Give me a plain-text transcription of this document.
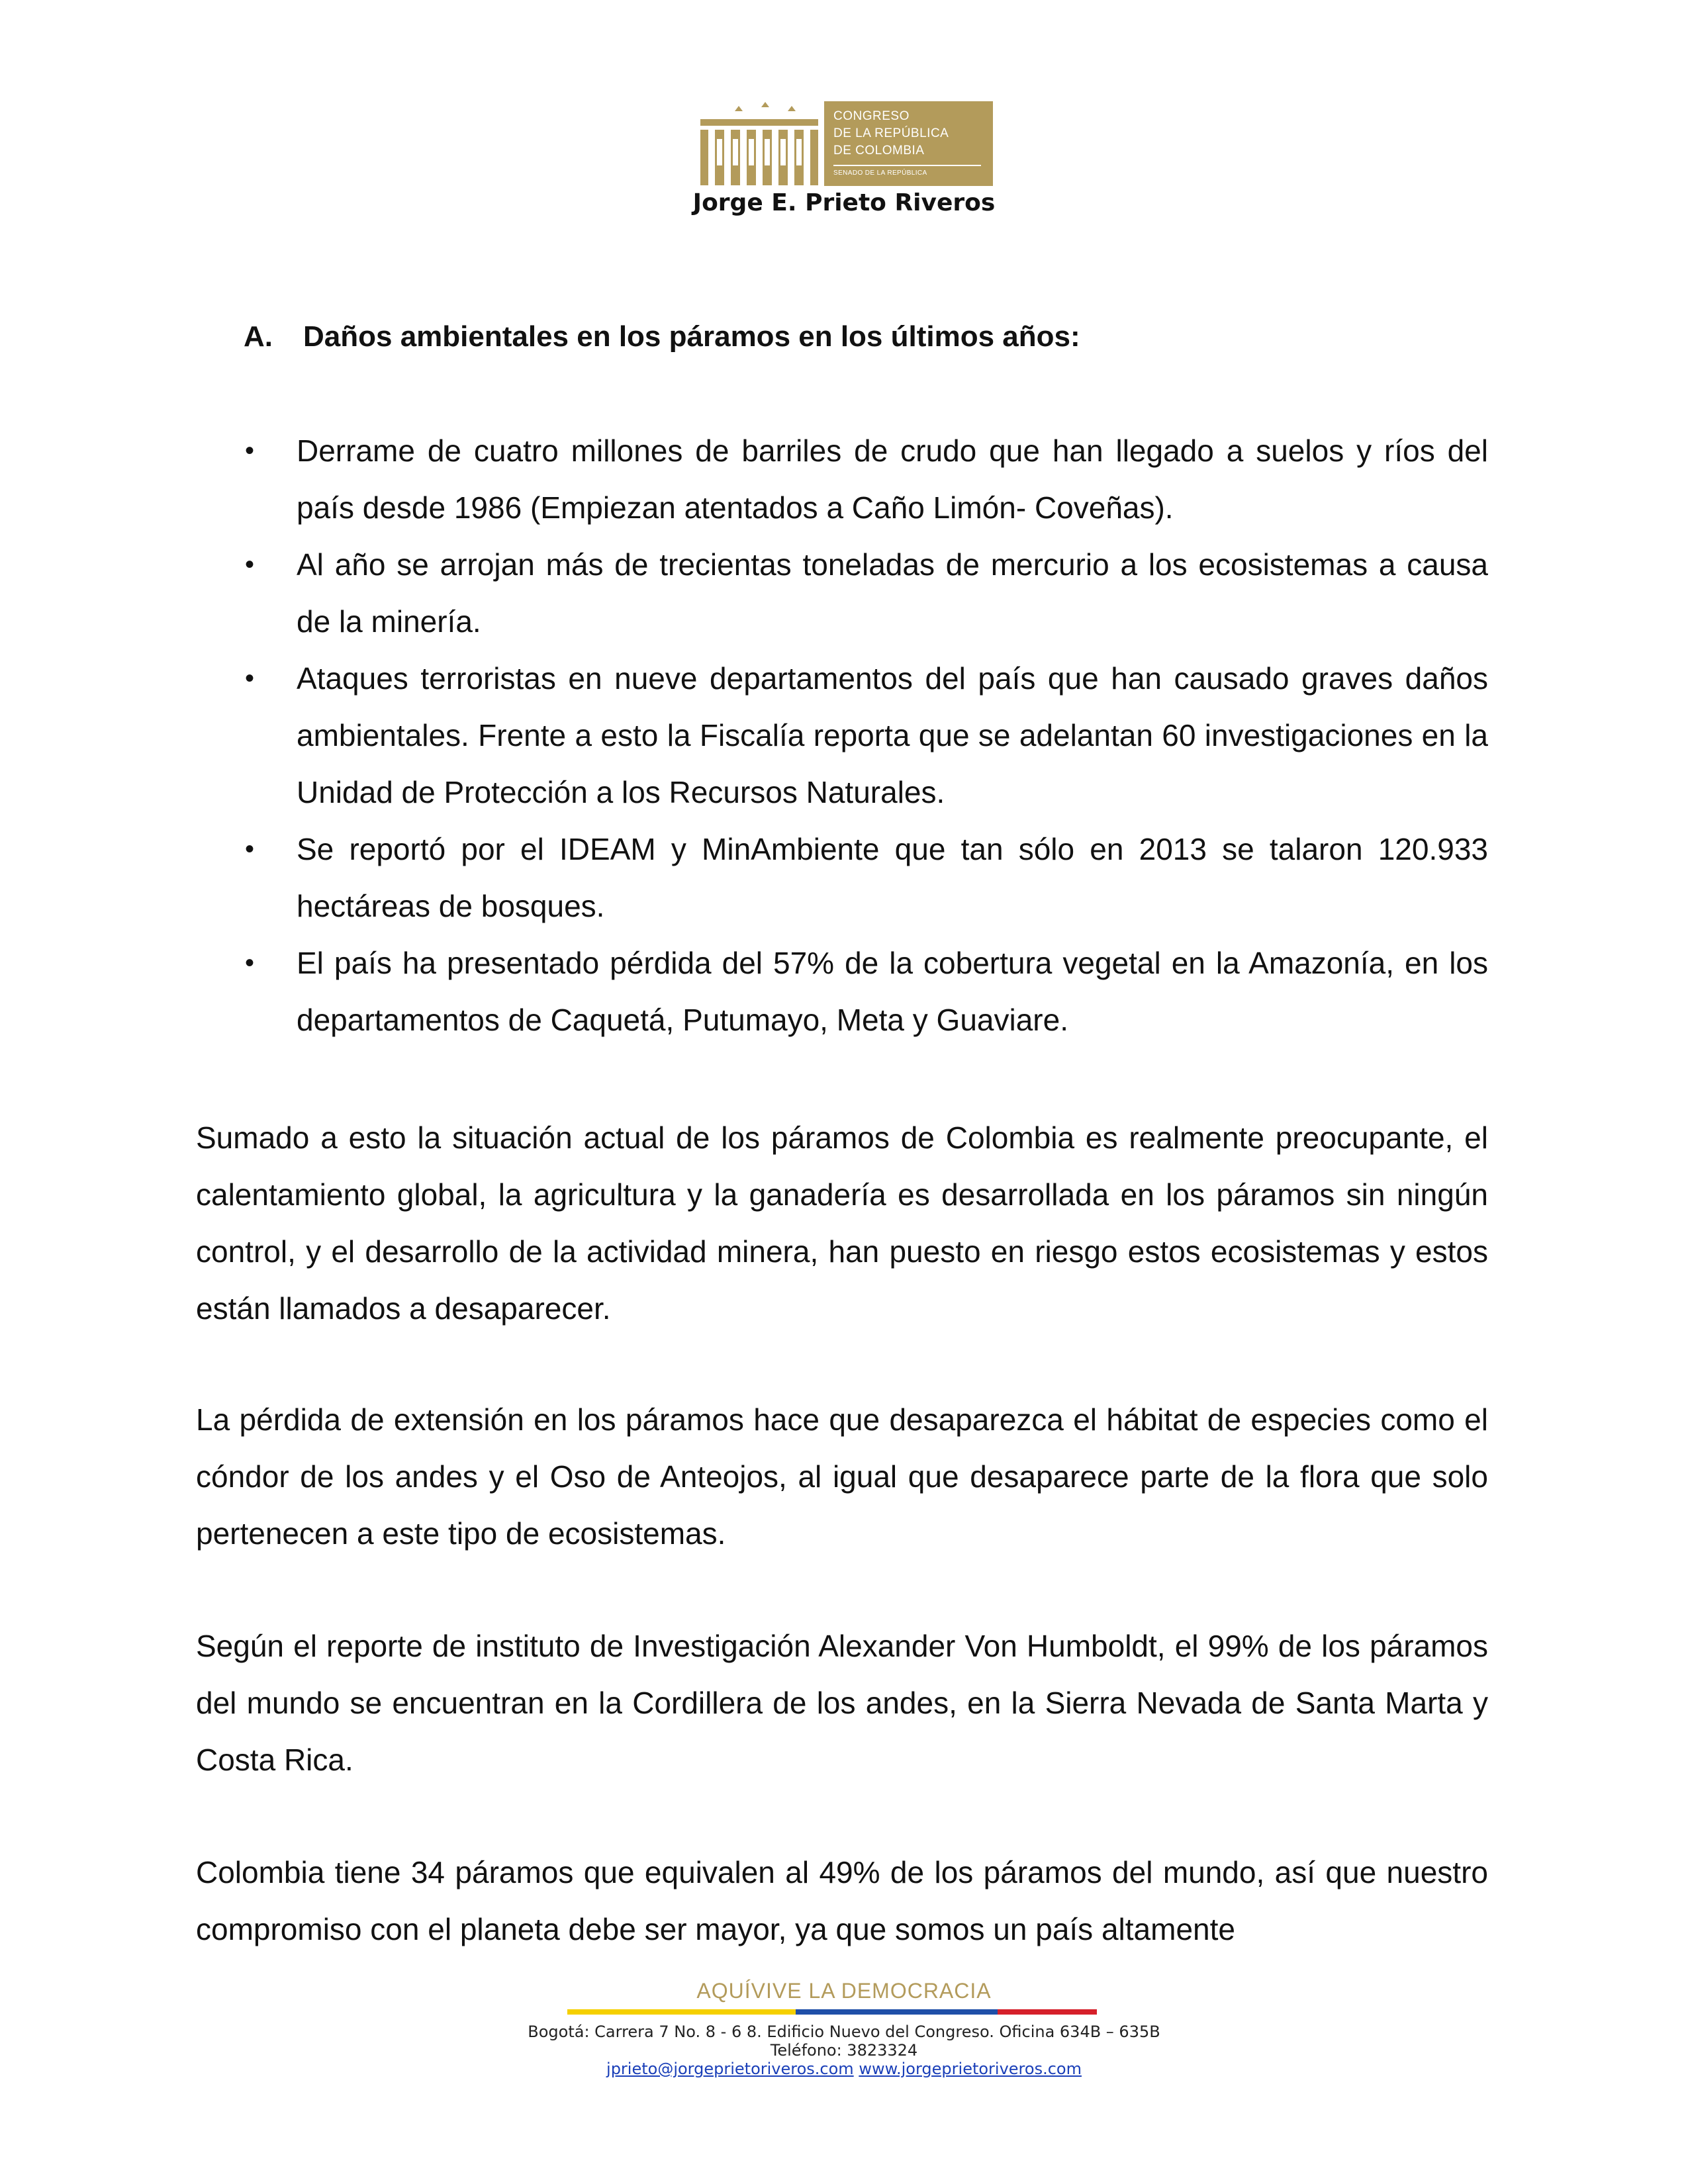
CONGRESO
DE LA REPÚBLICA
DE COLOMBIA
SENADO DE LA REPÚBLICA
Jorge E. Prieto Riveros
A. Daños ambientales en los páramos en los últimos años:
• Derrame de cuatro millones de barriles de crudo que han llegado a suelos y ríos del país desde 1986 (Empiezan atentados a Caño Limón- Coveñas).
• Al año se arrojan más de trecientas toneladas de mercurio a los ecosistemas a causa de la minería.
• Ataques terroristas en nueve departamentos del país que han causado graves daños ambientales. Frente a esto la Fiscalía reporta que se adelantan 60 investigaciones en la Unidad de Protección a los Recursos Naturales.
• Se reportó por el IDEAM y MinAmbiente que tan sólo en 2013 se talaron 120.933 hectáreas de bosques.
• El país ha presentado pérdida del 57% de la cobertura vegetal en la Amazonía, en los departamentos de Caquetá, Putumayo, Meta y Guaviare.

Sumado a esto la situación actual de los páramos de Colombia es realmente preocupante, el calentamiento global, la agricultura y la ganadería es desarrollada en los páramos sin ningún control, y el desarrollo de la actividad minera, han puesto en riesgo estos ecosistemas y estos están llamados a desaparecer.

La pérdida de extensión en los páramos hace que desaparezca el hábitat de especies como el cóndor de los andes y el Oso de Anteojos, al igual que desaparece parte de la flora que solo pertenecen a este tipo de ecosistemas.

Según el reporte de instituto de Investigación Alexander Von Humboldt, el 99% de los páramos del mundo se encuentran en la Cordillera de los andes, en la Sierra Nevada de Santa Marta y Costa Rica.

Colombia tiene 34 páramos que equivalen al 49% de los páramos del mundo, así que nuestro compromiso con el planeta debe ser mayor, ya que somos un país altamente

AQUÍVIVE LA DEMOCRACIA
Bogotá: Carrera 7 No. 8 - 6 8. Edificio Nuevo del Congreso. Oficina 634B – 635B
Teléfono: 3823324
jprieto@jorgeprietoriveros.com www.jorgeprietoriveros.com
